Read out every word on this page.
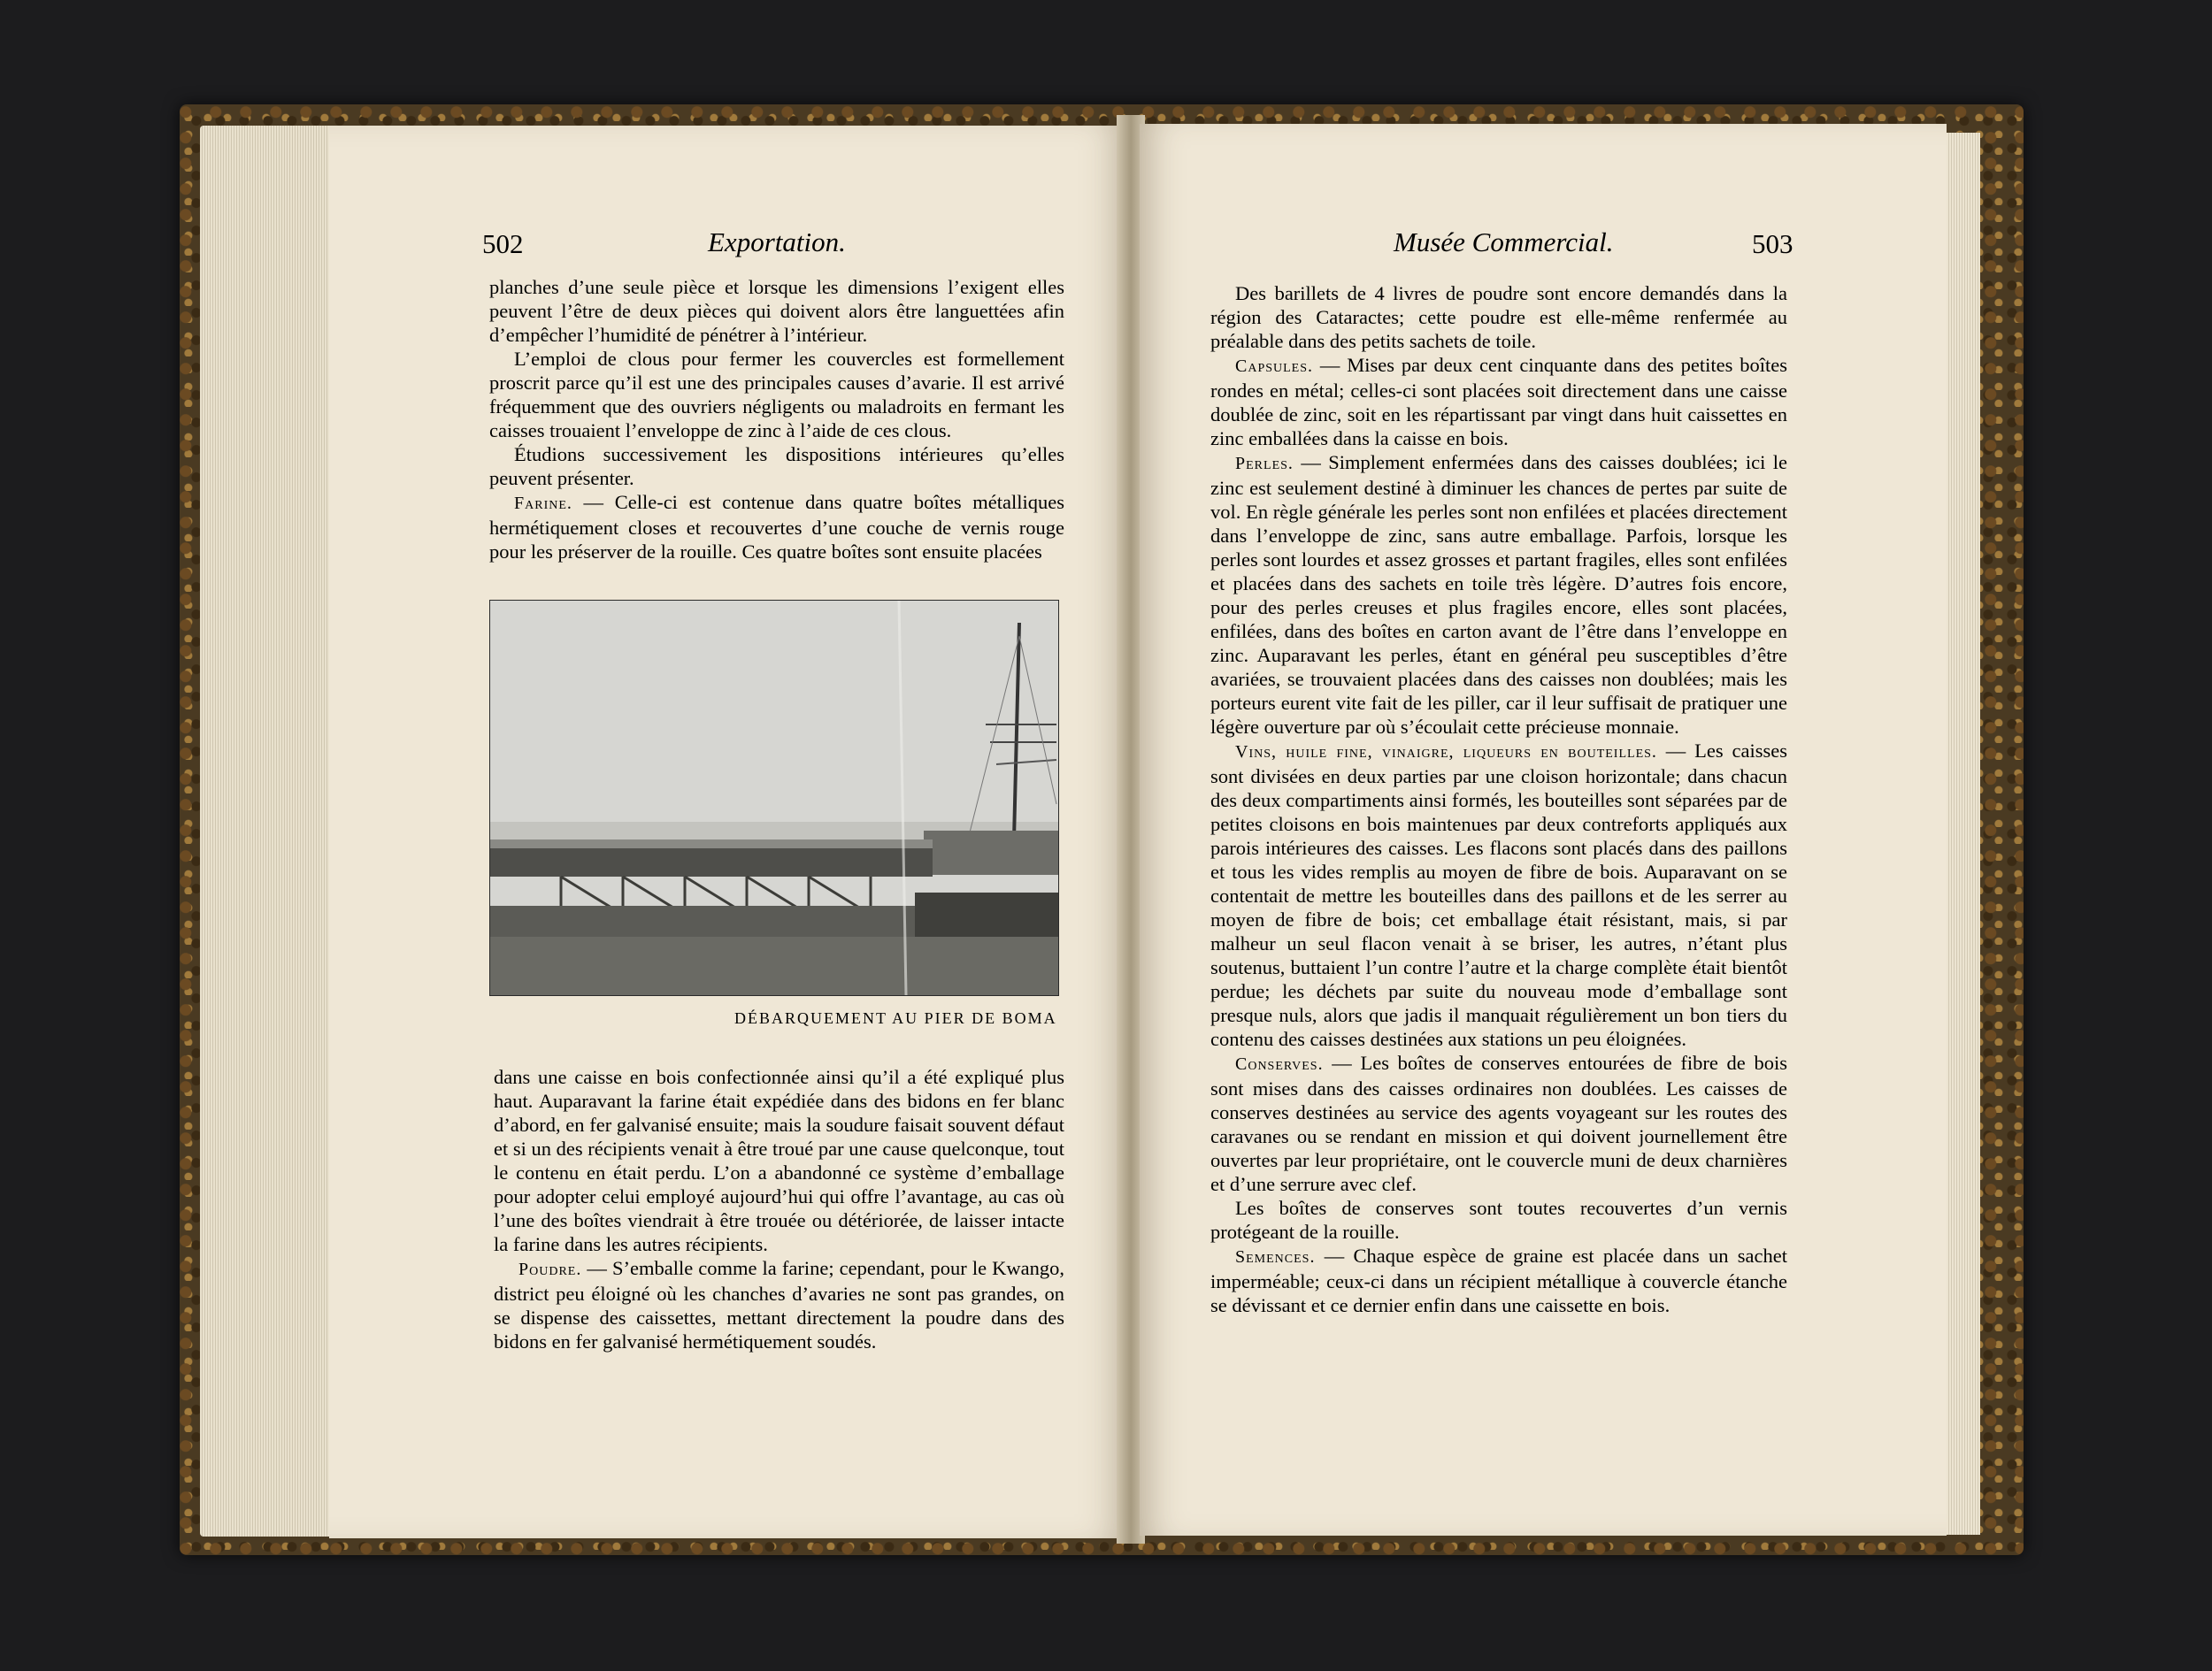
502	Exportation.

planches d’une seule pièce et lorsque les dimensions l’exigent elles peuvent l’être de deux pièces qui doivent alors être languettées afin d’empêcher l’humidité de pénétrer à l’intérieur.

L’emploi de clous pour fermer les couvercles est formellement proscrit parce qu’il est une des principales causes d’avarie. Il est arrivé fréquemment que des ouvriers négligents ou maladroits en fermant les caisses trouaient l’enveloppe de zinc à l’aide de ces clous.

Étudions successivement les dispositions intérieures qu’elles peuvent présenter.

Farine. — Celle-ci est contenue dans quatre boîtes métalliques hermétiquement closes et recouvertes d’une couche de vernis rouge pour les préserver de la rouille. Ces quatre boîtes sont ensuite placées

DÉBARQUEMENT AU PIER DE BOMA

dans une caisse en bois confectionnée ainsi qu’il a été expliqué plus haut. Auparavant la farine était expédiée dans des bidons en fer blanc d’abord, en fer galvanisé ensuite; mais la soudure faisait souvent défaut et si un des récipients venait à être troué par une cause quelconque, tout le contenu en était perdu. L’on a abandonné ce système d’emballage pour adopter celui employé aujourd’hui qui offre l’avantage, au cas où l’une des boîtes viendrait à être trouée ou détériorée, de laisser intacte la farine dans les autres récipients.

Poudre. — S’emballe comme la farine; cependant, pour le Kwango, district peu éloigné où les chanches d’avaries ne sont pas grandes, on se dispense des caissettes, mettant directement la poudre dans des bidons en fer galvanisé hermétiquement soudés.

Musée Commercial.	503

Des barillets de 4 livres de poudre sont encore demandés dans la région des Cataractes; cette poudre est elle-même renfermée au préalable dans des petits sachets de toile.

Capsules. — Mises par deux cent cinquante dans des petites boîtes rondes en métal; celles-ci sont placées soit directement dans une caisse doublée de zinc, soit en les répartissant par vingt dans huit caissettes en zinc emballées dans la caisse en bois.

Perles. — Simplement enfermées dans des caisses doublées; ici le zinc est seulement destiné à diminuer les chances de pertes par suite de vol. En règle générale les perles sont non enfilées et placées directement dans l’enveloppe de zinc, sans autre emballage. Parfois, lorsque les perles sont lourdes et assez grosses et partant fragiles, elles sont enfilées et placées dans des sachets en toile très légère. D’autres fois encore, pour des perles creuses et plus fragiles encore, elles sont placées, enfilées, dans des boîtes en carton avant de l’être dans l’enveloppe en zinc. Auparavant les perles, étant en général peu susceptibles d’être avariées, se trouvaient placées dans des caisses non doublées; mais les porteurs eurent vite fait de les piller, car il leur suffisait de pratiquer une légère ouverture par où s’écoulait cette précieuse monnaie.

Vins, huile fine, vinaigre, liqueurs en bouteilles. — Les caisses sont divisées en deux parties par une cloison horizontale; dans chacun des deux compartiments ainsi formés, les bouteilles sont séparées par de petites cloisons en bois maintenues par deux contreforts appliqués aux parois intérieures des caisses. Les flacons sont placés dans des paillons et tous les vides remplis au moyen de fibre de bois. Auparavant on se contentait de mettre les bouteilles dans des paillons et de les serrer au moyen de fibre de bois; cet emballage était résistant, mais, si par malheur un seul flacon venait à se briser, les autres, n’étant plus soutenus, buttaient l’un contre l’autre et la charge complète était bientôt perdue; les déchets par suite du nouveau mode d’emballage sont presque nuls, alors que jadis il manquait régulièrement un bon tiers du contenu des caisses destinées aux stations un peu éloignées.

Conserves. — Les boîtes de conserves entourées de fibre de bois sont mises dans des caisses ordinaires non doublées. Les caisses de conserves destinées au service des agents voyageant sur les routes des caravanes ou se rendant en mission et qui doivent journellement être ouvertes par leur propriétaire, ont le couvercle muni de deux charnières et d’une serrure avec clef.

Les boîtes de conserves sont toutes recouvertes d’un vernis protégeant de la rouille.

Semences. — Chaque espèce de graine est placée dans un sachet imperméable; ceux-ci dans un récipient métallique à couvercle étanche se dévissant et ce dernier enfin dans une caissette en bois.
